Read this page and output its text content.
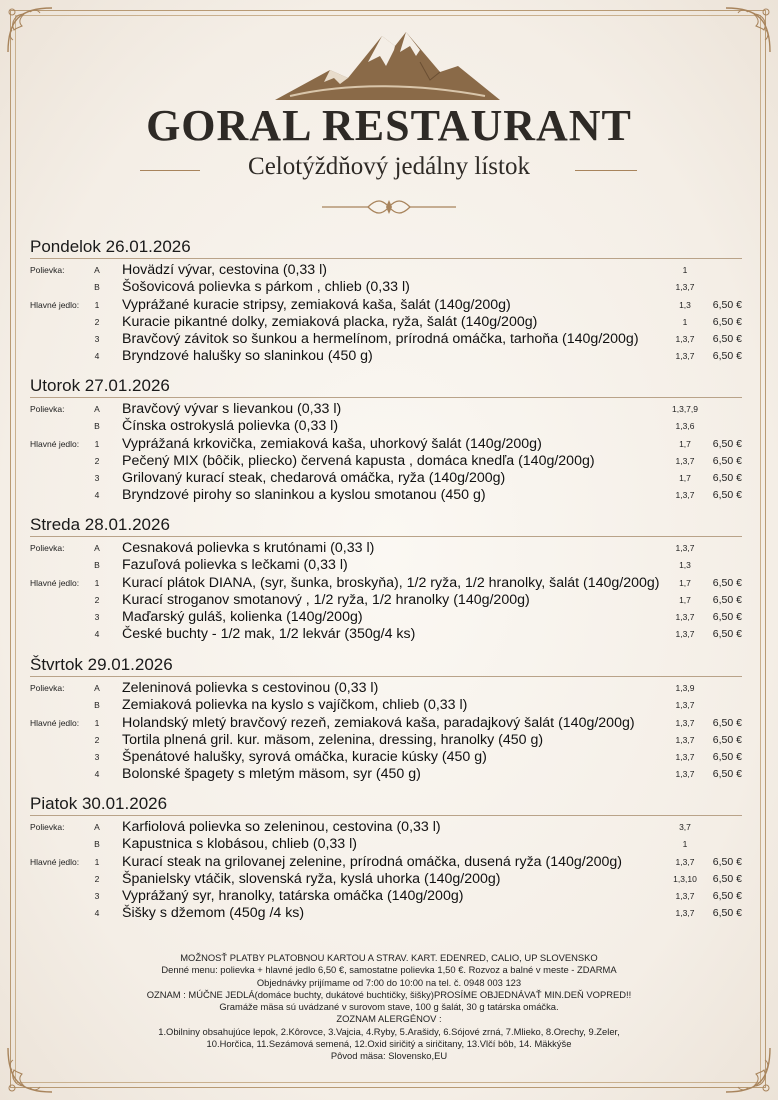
GORAL RESTAURANT
Celotýždňový jedálny lístok
Pondelok 26.01.2026
Polievka:	A Hovädzí vývar, cestovina (0,33 l)	1
B Šošovicová polievka s párkom , chlieb (0,33 l)	1,3,7
Hlavné jedlo:	1 Vyprážané kuracie stripsy, zemiaková kaša, šalát (140g/200g)	1,3	6,50 €
2 Kuracie pikantné dolky, zemiaková placka, ryža, šalát (140g/200g)	1	6,50 €
3 Bravčový závitok so šunkou a hermelínom, prírodná omáčka, tarhoňa (140g/200g)	1,3,7	6,50 €
4 Bryndzové halušky so slaninkou (450 g)	1,3,7	6,50 €
Utorok 27.01.2026
Polievka:	A Bravčový vývar s lievankou (0,33 l)	1,3,7,9
B Čínska ostrokyslá polievka (0,33 l)	1,3,6
Hlavné jedlo:	1 Vyprážaná krkovička, zemiaková kaša, uhorkový šalát (140g/200g)	1,7	6,50 €
2 Pečený MIX (bôčik, pliecko) červená kapusta , domáca knedľa (140g/200g)	1,3,7	6,50 €
3 Grilovaný kurací steak, chedarová omáčka, ryža (140g/200g)	1,7	6,50 €
4 Bryndzové pirohy so slaninkou a kyslou smotanou (450 g)	1,3,7	6,50 €
Streda 28.01.2026
Polievka:	A Cesnaková polievka s krutónami (0,33 l)	1,3,7
B Fazuľová polievka s lečkami (0,33 l)	1,3
Hlavné jedlo:	1 Kurací plátok DIANA, (syr, šunka, broskyňa), 1/2 ryža, 1/2 hranolky, šalát (140g/200g)	1,7	6,50 €
2 Kurací stroganov smotanový , 1/2 ryža, 1/2 hranolky (140g/200g)	1,7	6,50 €
3 Maďarský guláš, kolienka (140g/200g)	1,3,7	6,50 €
4 České buchty - 1/2 mak, 1/2 lekvár (350g/4 ks)	1,3,7	6,50 €
Štvrtok 29.01.2026
Polievka:	A Zeleninová polievka s cestovinou (0,33 l)	1,3,9
B Zemiaková polievka na kyslo s vajíčkom, chlieb (0,33 l)	1,3,7
Hlavné jedlo:	1 Holandský mletý bravčový rezeň, zemiaková kaša, paradajkový šalát (140g/200g)	1,3,7	6,50 €
2 Tortila plnená gril. kur. mäsom, zelenina, dressing, hranolky (450 g)	1,3,7	6,50 €
3 Špenátové halušky, syrová omáčka, kuracie kúsky (450 g)	1,3,7	6,50 €
4 Bolonské špagety s mletým mäsom, syr (450 g)	1,3,7	6,50 €
Piatok 30.01.2026
Polievka:	A Karfiolová polievka so zeleninou, cestovina (0,33 l)	3,7
B Kapustnica s klobásou, chlieb (0,33 l)	1
Hlavné jedlo:	1 Kurací steak na grilovanej zelenine, prírodná omáčka, dusená ryža (140g/200g)	1,3,7	6,50 €
2 Španielsky vtáčik, slovenská ryža, kyslá uhorka (140g/200g)	1,3,10	6,50 €
3 Vyprážaný syr, hranolky, tatárska omáčka (140g/200g)	1,3,7	6,50 €
4 Šišky s džemom (450g /4 ks)	1,3,7	6,50 €
MOŽNOSŤ PLATBY PLATOBNOU KARTOU A STRAV. KART. EDENRED, CALIO, UP SLOVENSKO
Denné menu: polievka + hlavné jedlo 6,50 €, samostatne polievka 1,50 €. Rozvoz a balné v meste - ZDARMA
Objednávky prijímame od 7:00 do 10:00 na tel. č. 0948 003 123
OZNAM : MÚČNE JEDLÁ(domáce buchty, dukátové buchtičky, šišky)PROSÍME OBJEDNÁVAŤ MIN.DEŇ VOPRED!!
Gramáže mäsa sú uvádzané v surovom stave, 100 g šalát, 30 g tatárska omáčka.
ZOZNAM ALERGÉNOV :
1.Obilniny obsahujúce lepok, 2.Kôrovce, 3.Vajcia, 4.Ryby, 5.Arašidy, 6.Sójové zrná, 7.Mlieko, 8.Orechy, 9.Zeler,
10.Horčica, 11.Sezámová semená, 12.Oxid siričitý a siričitany, 13.Vlčí bôb, 14. Mäkkýše
Pôvod mäsa: Slovensko,EU
